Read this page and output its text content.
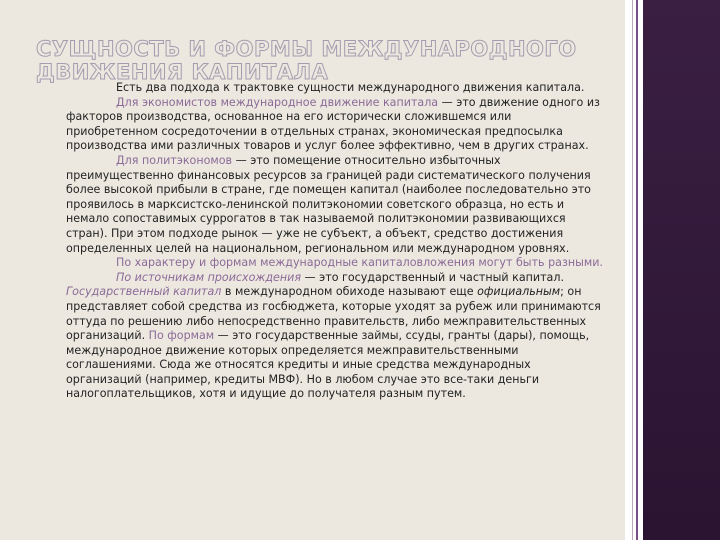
СУЩНОСТЬ И ФОРМЫ МЕЖДУНАРОДНОГО ДВИЖЕНИЯ КАПИТАЛА

Есть два подхода к трактовке сущности международного движения капитала.

Для экономистов международное движение капитала — это движение одного из факторов производства, основанное на его исторически сложившемся или приобретенном сосредоточении в отдельных странах, экономическая предпосылка производства ими различных товаров и услуг более эффективно, чем в других странах.

Для политэкономов — это помещение относительно избыточных преимущественно финансовых ресурсов за границей ради систематического получения более высокой прибыли в стране, где помещен капитал (наиболее последовательно это проявилось в марксистско-ленинской политэкономии советского образца, но есть и немало сопоставимых суррогатов в так называемой политэкономии развивающихся стран). При этом подходе рынок — уже не субъект, а объект, средство достижения определенных целей на национальном, региональном или международном уровнях.

По характеру и формам международные капиталовложения могут быть разными.

По источникам происхождения — это государственный и частный капитал. Государственный капитал в международном обиходе называют еще официальным; он представляет собой средства из госбюджета, которые уходят за рубеж или принимаются оттуда по решению либо непосредственно правительств, либо межправительственных организаций. По формам — это государственные займы, ссуды, гранты (дары), помощь, международное движение которых определяется межправительственными соглашениями. Сюда же относятся кредиты и иные средства международных организаций (например, кредиты МВФ). Но в любом случае это все-таки деньги налогоплательщиков, хотя и идущие до получателя разным путем.
